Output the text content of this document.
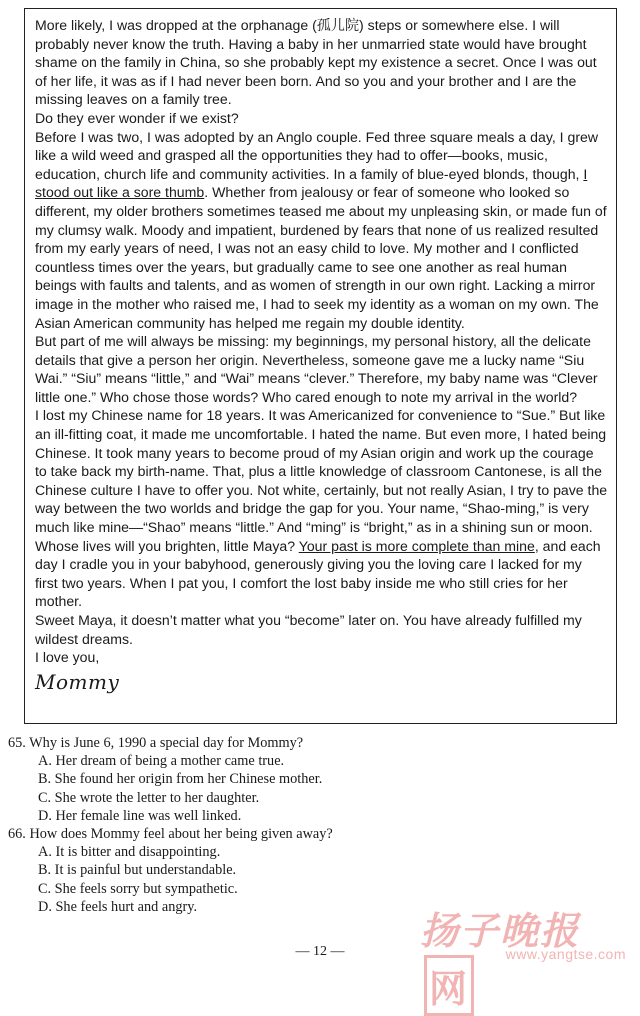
More likely, I was dropped at the orphanage (孤儿院) steps or somewhere else. I will probably never know the truth. Having a baby in her unmarried state would have brought shame on the family in China, so she probably kept my existence a secret. Once I was out of her life, it was as if I had never been born. And so you and your brother and I are the missing leaves on a family tree.

Do they ever wonder if we exist?

Before I was two, I was adopted by an Anglo couple. Fed three square meals a day, I grew like a wild weed and grasped all the opportunities they had to offer—books, music, education, church life and community activities. In a family of blue-eyed blonds, though, I stood out like a sore thumb. Whether from jealousy or fear of someone who looked so different, my older brothers sometimes teased me about my unpleasing skin, or made fun of my clumsy walk. Moody and impatient, burdened by fears that none of us realized resulted from my early years of need, I was not an easy child to love. My mother and I conflicted countless times over the years, but gradually came to see one another as real human beings with faults and talents, and as women of strength in our own right. Lacking a mirror image in the mother who raised me, I had to seek my identity as a woman on my own. The Asian American community has helped me regain my double identity.

But part of me will always be missing: my beginnings, my personal history, all the delicate details that give a person her origin. Nevertheless, someone gave me a lucky name “Siu Wai.” “Siu” means “little,” and “Wai” means “clever.” Therefore, my baby name was “Clever little one.” Who chose those words? Who cared enough to note my arrival in the world?

I lost my Chinese name for 18 years. It was Americanized for convenience to “Sue.” But like an ill-fitting coat, it made me uncomfortable. I hated the name. But even more, I hated being Chinese. It took many years to become proud of my Asian origin and work up the courage to take back my birth-name. That, plus a little knowledge of classroom Cantonese, is all the Chinese culture I have to offer you. Not white, certainly, but not really Asian, I try to pave the way between the two worlds and bridge the gap for you. Your name, “Shao-ming,” is very much like mine—“Shao” means “little.” And “ming” is “bright,” as in a shining sun or moon. Whose lives will you brighten, little Maya? Your past is more complete than mine, and each day I cradle you in your babyhood, generously giving you the loving care I lacked for my first two years. When I pat you, I comfort the lost baby inside me who still cries for her mother.

Sweet Maya, it doesn’t matter what you “become” later on. You have already fulfilled my wildest dreams.

I love you,

Mommy

65. Why is June 6, 1990 a special day for Mommy?

A. Her dream of being a mother came true.

B. She found her origin from her Chinese mother.

C. She wrote the letter to her daughter.

D. Her female line was well linked.

66. How does Mommy feel about her being given away?

A. It is bitter and disappointing.

B. It is painful but understandable.

C. She feels sorry but sympathetic.

D. She feels hurt and angry.

扬子晚报网
www.yangtse.com
— 12 —
